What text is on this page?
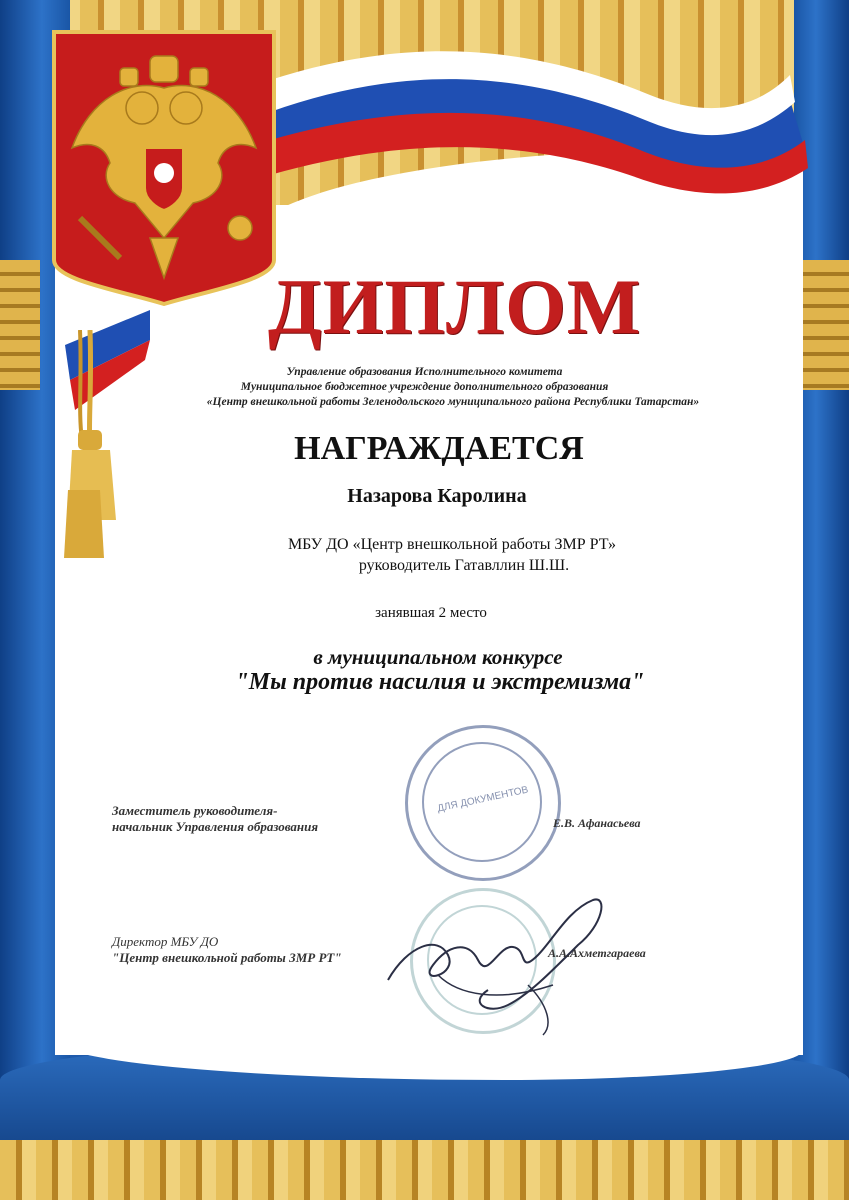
ДИПЛОМ
Управление образования Исполнительного комитета
Муниципальное бюджетное учреждение дополнительного образования
«Центр внешкольной работы Зеленодольского муниципального района Республики Татарстан»
НАГРАЖДАЕТСЯ
Назарова Каролина
МБУ ДО «Центр внешкольной работы ЗМР РТ»
руководитель Гатавллин Ш.Ш.
занявшая 2 место
в муниципальном конкурсе
"Мы против насилия и экстремизма"
ДЛЯ ДОКУМЕНТОВ
Заместитель руководителя-
начальник Управления образования	Е.В. Афанасьева
Директор МБУ ДО
"Центр внешкольной работы ЗМР РТ"	А.А.Ахметгараева
